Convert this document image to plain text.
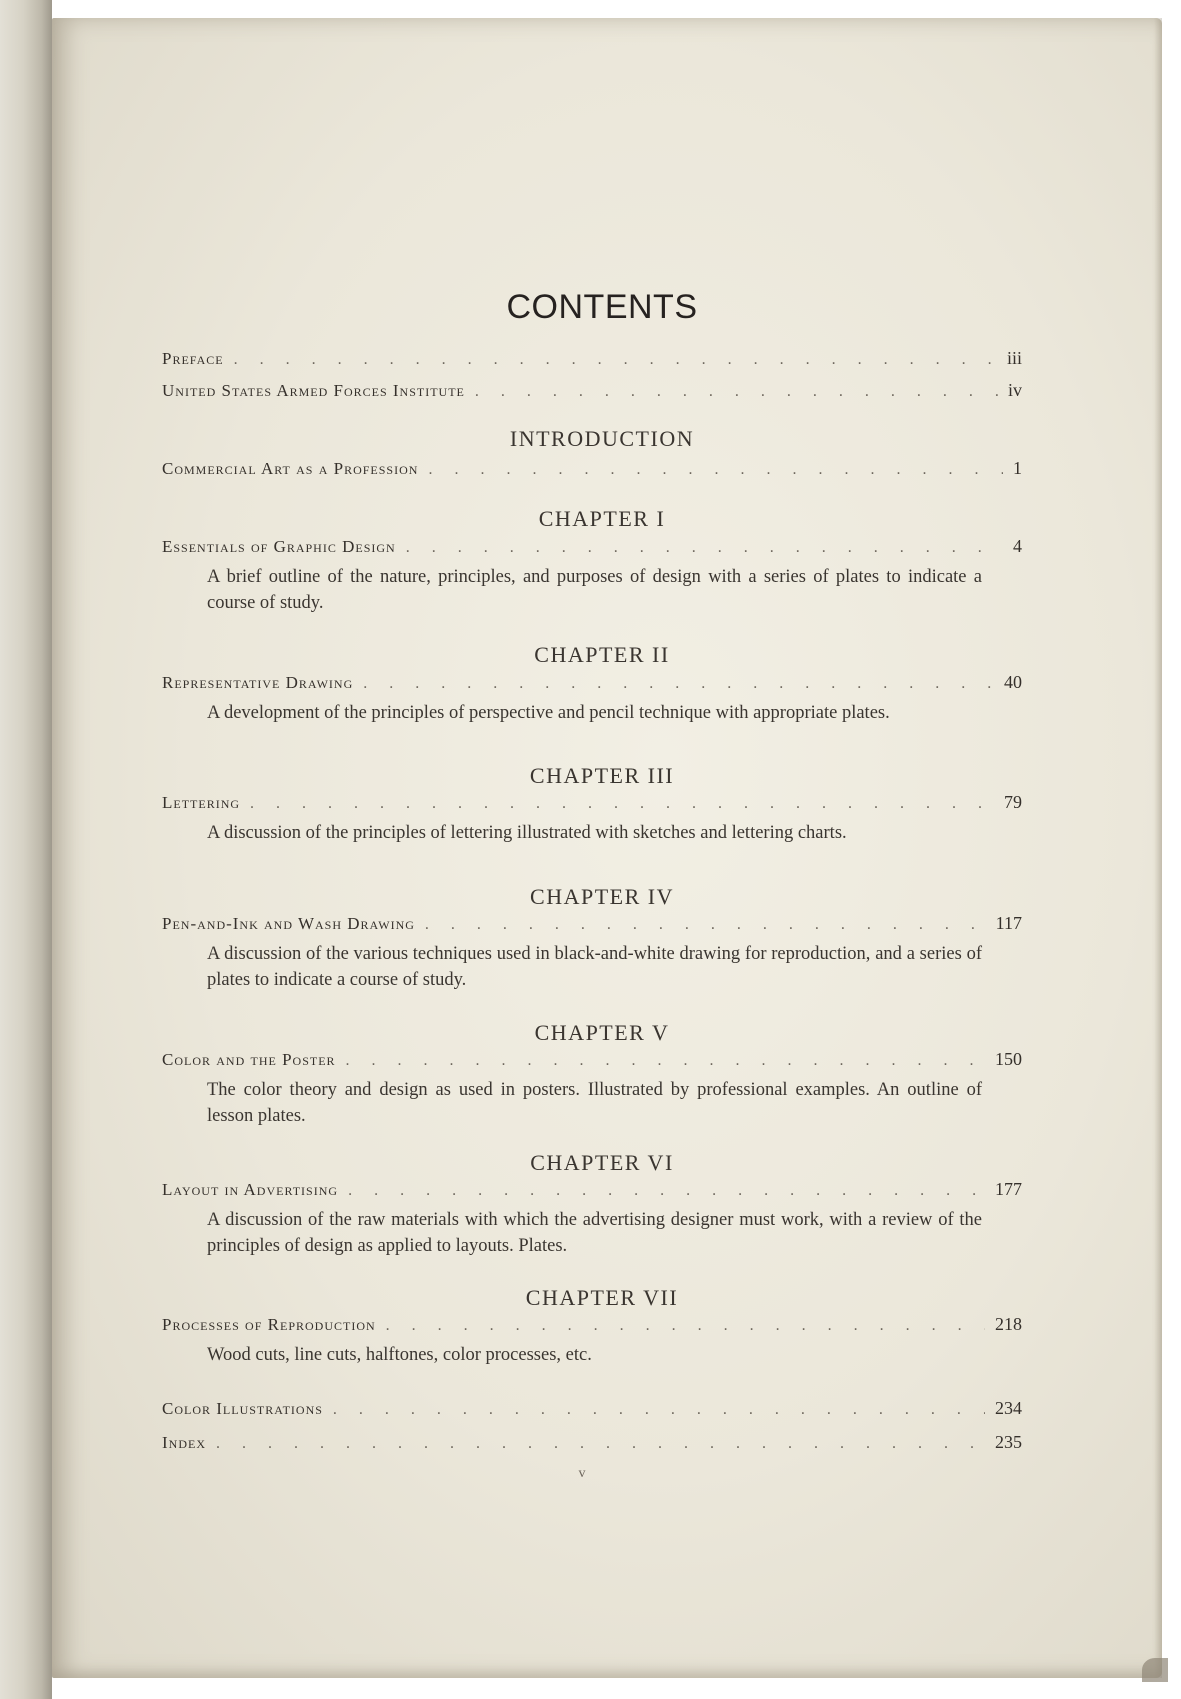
CONTENTS
Preface . . .	iii
United States Armed Forces Institute . . .	iv
INTRODUCTION
Commercial Art as a Profession . . .	1
CHAPTER I
Essentials of Graphic Design . . .	4
A brief outline of the nature, principles, and purposes of design with a series of plates to indicate a course of study.
CHAPTER II
Representative Drawing . . .	40
A development of the principles of perspective and pencil technique with appropriate plates.
CHAPTER III
Lettering . . .	79
A discussion of the principles of lettering illustrated with sketches and lettering charts.
CHAPTER IV
Pen-and-Ink and Wash Drawing . . .	117
A discussion of the various techniques used in black-and-white drawing for reproduction, and a series of plates to indicate a course of study.
CHAPTER V
Color and the Poster . . .	150
The color theory and design as used in posters. Illustrated by professional examples. An outline of lesson plates.
CHAPTER VI
Layout in Advertising . . .	177
A discussion of the raw materials with which the advertising designer must work, with a review of the principles of design as applied to layouts. Plates.
CHAPTER VII
Processes of Reproduction . . .	218
Wood cuts, line cuts, halftones, color processes, etc.
Color Illustrations . . .	234
Index . . .	235
v
